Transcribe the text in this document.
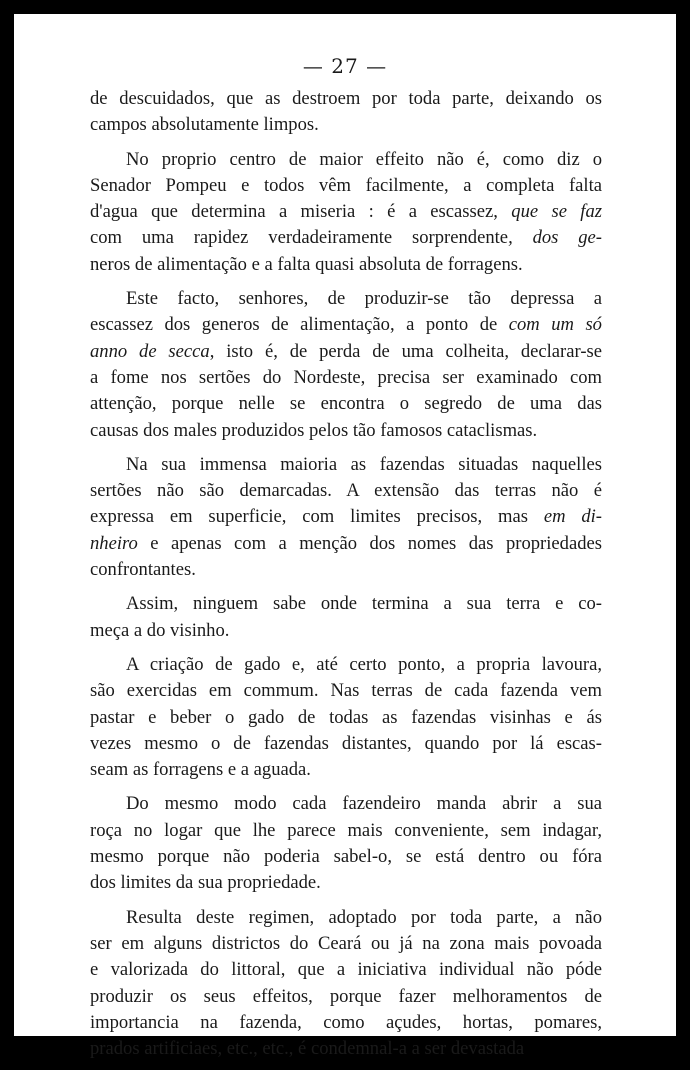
— 27 —
de descuidados, que as destroem por toda parte, deixando os
campos absolutamente limpos.
No proprio centro de maior effeito não é, como diz o
Senador Pompeu e todos vêm facilmente, a completa falta
d'agua que determina a miseria : é a escassez, que se faz
com uma rapidez verdadeiramente sorprendente, dos ge-
neros de alimentação e a falta quasi absoluta de forragens.
Este facto, senhores, de produzir-se tão depressa a
escassez dos generos de alimentação, a ponto de com um só
anno de secca, isto é, de perda de uma colheita, declarar-se
a fome nos sertões do Nordeste, precisa ser examinado com
attenção, porque nelle se encontra o segredo de uma das
causas dos males produzidos pelos tão famosos cataclismas.
Na sua immensa maioria as fazendas situadas naquelles
sertões não são demarcadas. A extensão das terras não é
expressa em superficie, com limites precisos, mas em di-
nheiro e apenas com a menção dos nomes das propriedades
confrontantes.
Assim, ninguem sabe onde termina a sua terra e co-
meça a do visinho.
A criação de gado e, até certo ponto, a propria lavoura,
são exercidas em commum. Nas terras de cada fazenda vem
pastar e beber o gado de todas as fazendas visinhas e ás
vezes mesmo o de fazendas distantes, quando por lá escas-
seam as forragens e a aguada.
Do mesmo modo cada fazendeiro manda abrir a sua
roça no logar que lhe parece mais conveniente, sem indagar,
mesmo porque não poderia sabel-o, se está dentro ou fóra
dos limites da sua propriedade.
Resulta deste regimen, adoptado por toda parte, a não
ser em alguns districtos do Ceará ou já na zona mais povoada
e valorizada do littoral, que a iniciativa individual não póde
produzir os seus effeitos, porque fazer melhoramentos de
importancia na fazenda, como açudes, hortas, pomares,
prados artificiaes, etc., etc., é condemnal-a a ser devastada
